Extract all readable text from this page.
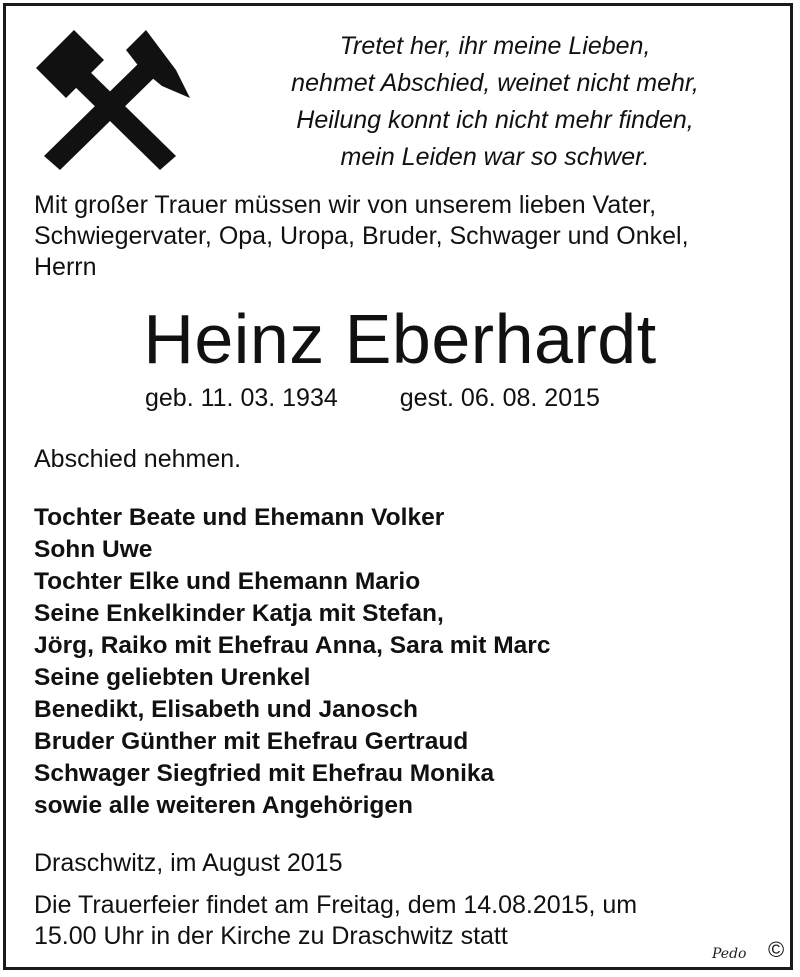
Tretet her, ihr meine Lieben,
nehmet Abschied, weinet nicht mehr,
Heilung konnt ich nicht mehr finden,
mein Leiden war so schwer.
Mit großer Trauer müssen wir von unserem lieben Vater,
Schwiegervater, Opa, Uropa, Bruder, Schwager und Onkel,
Herrn
Heinz Eberhardt
geb. 11. 03. 1934 gest. 06. 08. 2015
Abschied nehmen.
Tochter Beate und Ehemann Volker
Sohn Uwe
Tochter Elke und Ehemann Mario
Seine Enkelkinder Katja mit Stefan,
Jörg, Raiko mit Ehefrau Anna, Sara mit Marc
Seine geliebten Urenkel
Benedikt, Elisabeth und Janosch
Bruder Günther mit Ehefrau Gertraud
Schwager Siegfried mit Ehefrau Monika
sowie alle weiteren Angehörigen
Draschwitz, im August 2015
Die Trauerfeier findet am Freitag, dem 14.08.2015, um
15.00 Uhr in der Kirche zu Draschwitz statt
Pedo ©
